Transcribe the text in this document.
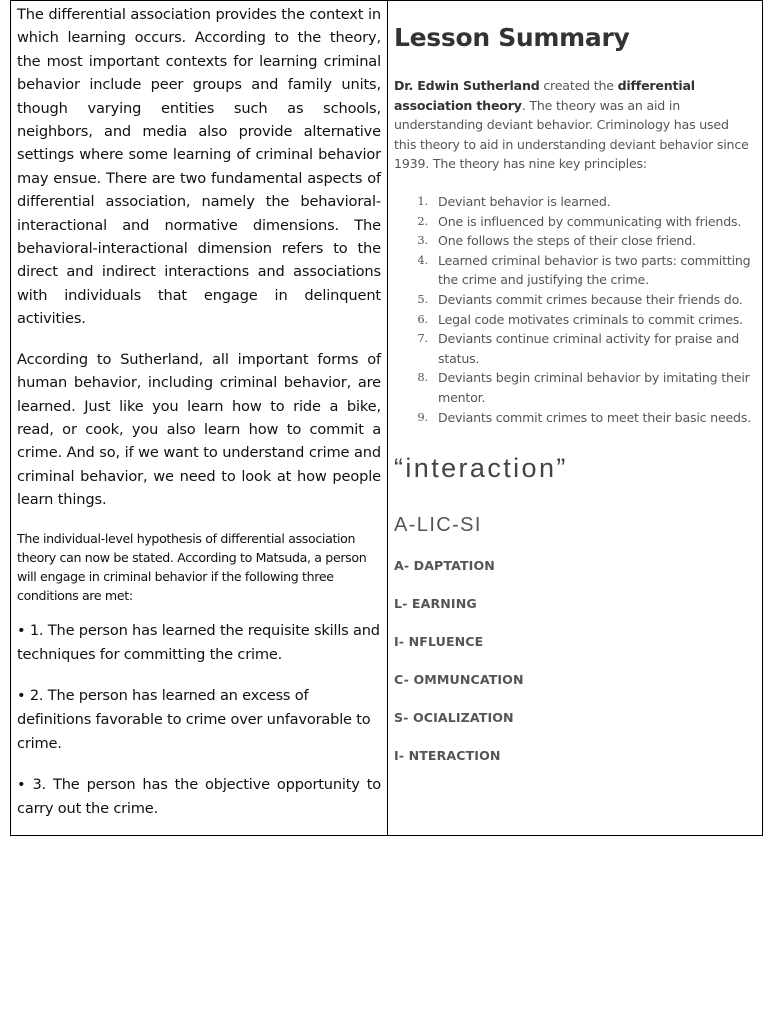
The differential association provides the context in which learning occurs. According to the theory, the most important contexts for learning criminal behavior include peer groups and family units, though varying entities such as schools, neighbors, and media also provide alternative settings where some learning of criminal behavior may ensue. There are two fundamental aspects of differential association, namely the behavioral-interactional and normative dimensions. The behavioral-interactional dimension refers to the direct and indirect interactions and associations with individuals that engage in delinquent activities.

According to Sutherland, all important forms of human behavior, including criminal behavior, are learned. Just like you learn how to ride a bike, read, or cook, you also learn how to commit a crime. And so, if we want to understand crime and criminal behavior, we need to look at how people learn things.

The individual-level hypothesis of differential association theory can now be stated. According to Matsuda, a person will engage in criminal behavior if the following three conditions are met:

• 1. The person has learned the requisite skills and techniques for committing the crime.

• 2. The person has learned an excess of definitions favorable to crime over unfavorable to crime.

• 3. The person has the objective opportunity to carry out the crime.

Lesson Summary

Dr. Edwin Sutherland created the differential association theory. The theory was an aid in understanding deviant behavior. Criminology has used this theory to aid in understanding deviant behavior since 1939. The theory has nine key principles:

1. Deviant behavior is learned.
2. One is influenced by communicating with friends.
3. One follows the steps of their close friend.
4. Learned criminal behavior is two parts: committing the crime and justifying the crime.
5. Deviants commit crimes because their friends do.
6. Legal code motivates criminals to commit crimes.
7. Deviants continue criminal activity for praise and status.
8. Deviants begin criminal behavior by imitating their mentor.
9. Deviants commit crimes to meet their basic needs.
“interaction”
A-LIC-SI
A- DAPTATION
L- EARNING
I- NFLUENCE
C- OMMUNCATION
S- OCIALIZATION
I- NTERACTION
